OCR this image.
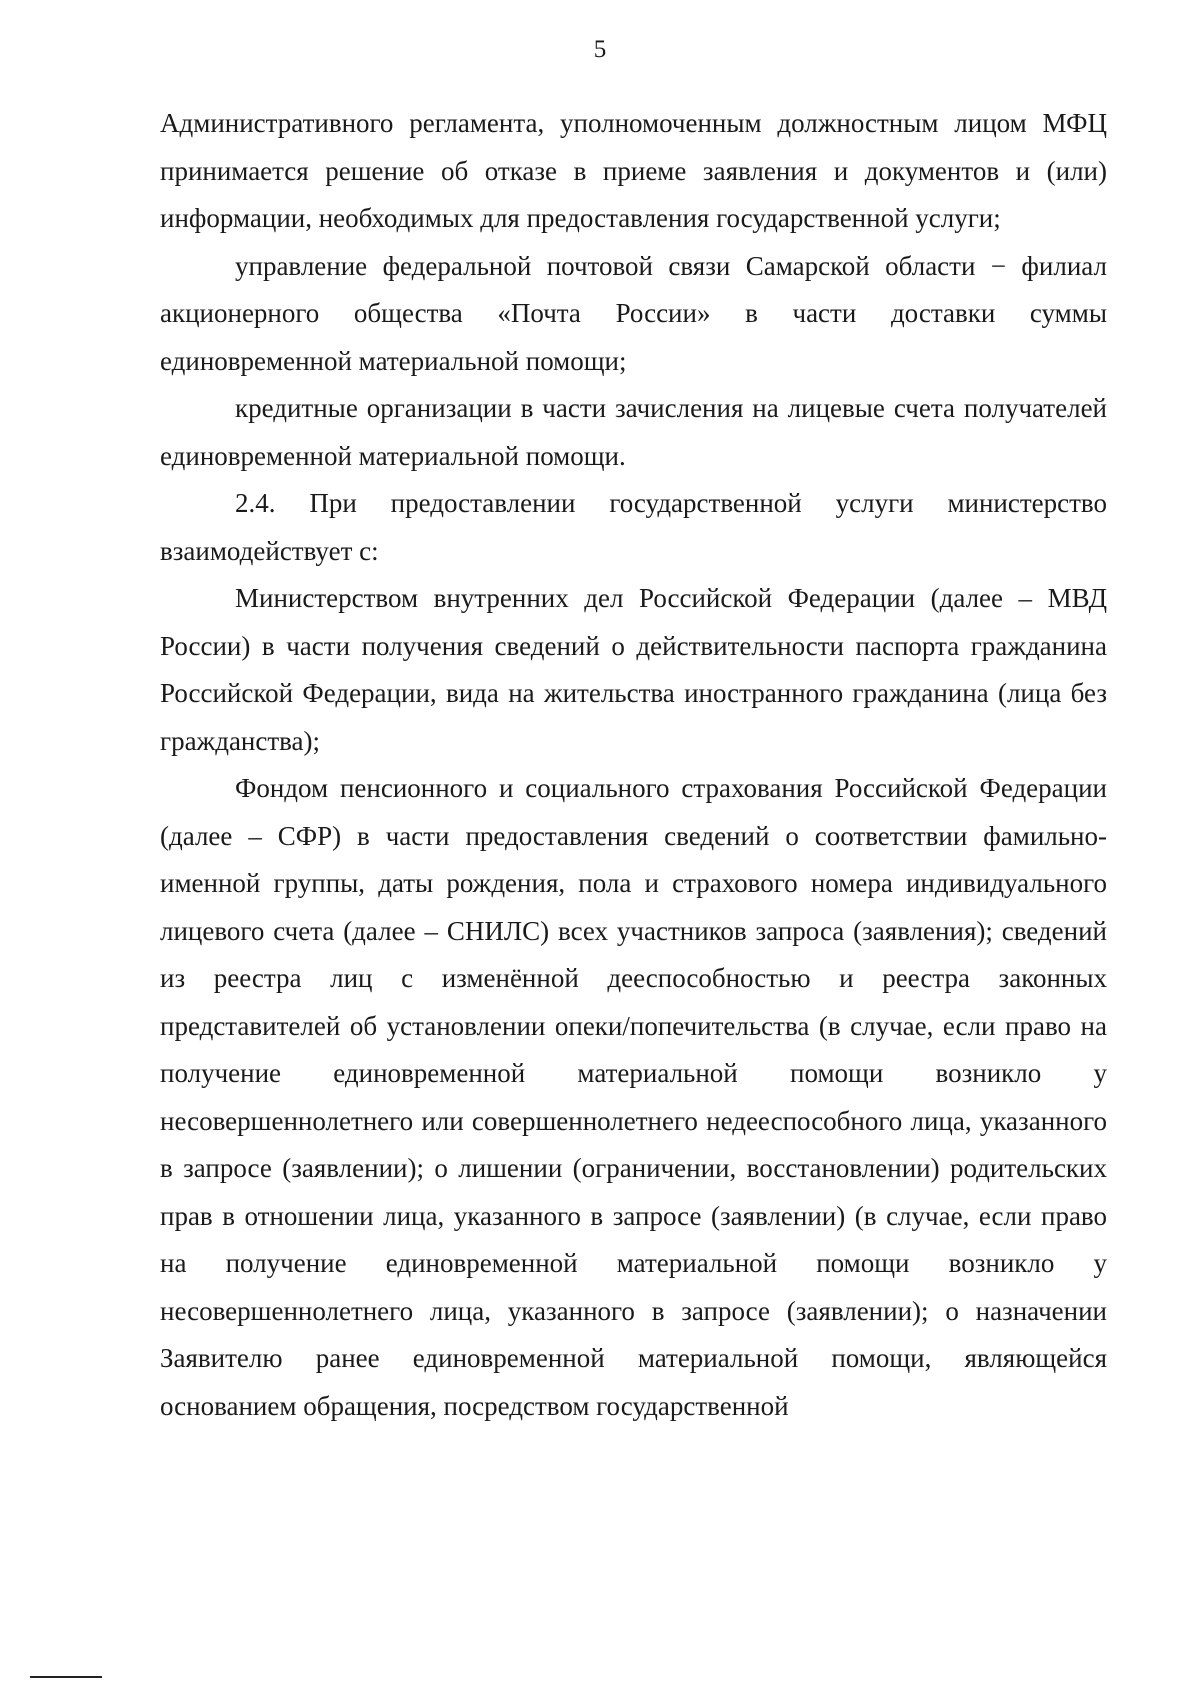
5

Административного регламента, уполномоченным должностным лицом МФЦ принимается решение об отказе в приеме заявления и документов и (или) информации, необходимых для предоставления государственной услуги;

управление федеральной почтовой связи Самарской области − филиал акционерного общества «Почта России» в части доставки суммы единовременной материальной помощи;

кредитные организации в части зачисления на лицевые счета получателей единовременной материальной помощи.

2.4. При предоставлении государственной услуги министерство взаимодействует с:

Министерством внутренних дел Российской Федерации (далее – МВД России) в части получения сведений о действительности паспорта гражданина Российской Федерации, вида на жительства иностранного гражданина (лица без гражданства);

Фондом пенсионного и социального страхования Российской Федерации (далее – СФР) в части предоставления сведений о соответствии фамильно-именной группы, даты рождения, пола и страхового номера индивидуального лицевого счета (далее – СНИЛС) всех участников запроса (заявления); сведений из реестра лиц с изменённой дееспособностью и реестра законных представителей об установлении опеки/попечительства (в случае, если право на получение единовременной материальной помощи возникло у несовершеннолетнего или совершеннолетнего недееспособного лица, указанного в запросе (заявлении); о лишении (ограничении, восстановлении) родительских прав в отношении лица, указанного в запросе (заявлении) (в случае, если право на получение единовременной материальной помощи возникло у несовершеннолетнего лица, указанного в запросе (заявлении); о назначении Заявителю ранее единовременной материальной помощи, являющейся основанием обращения, посредством государственной
